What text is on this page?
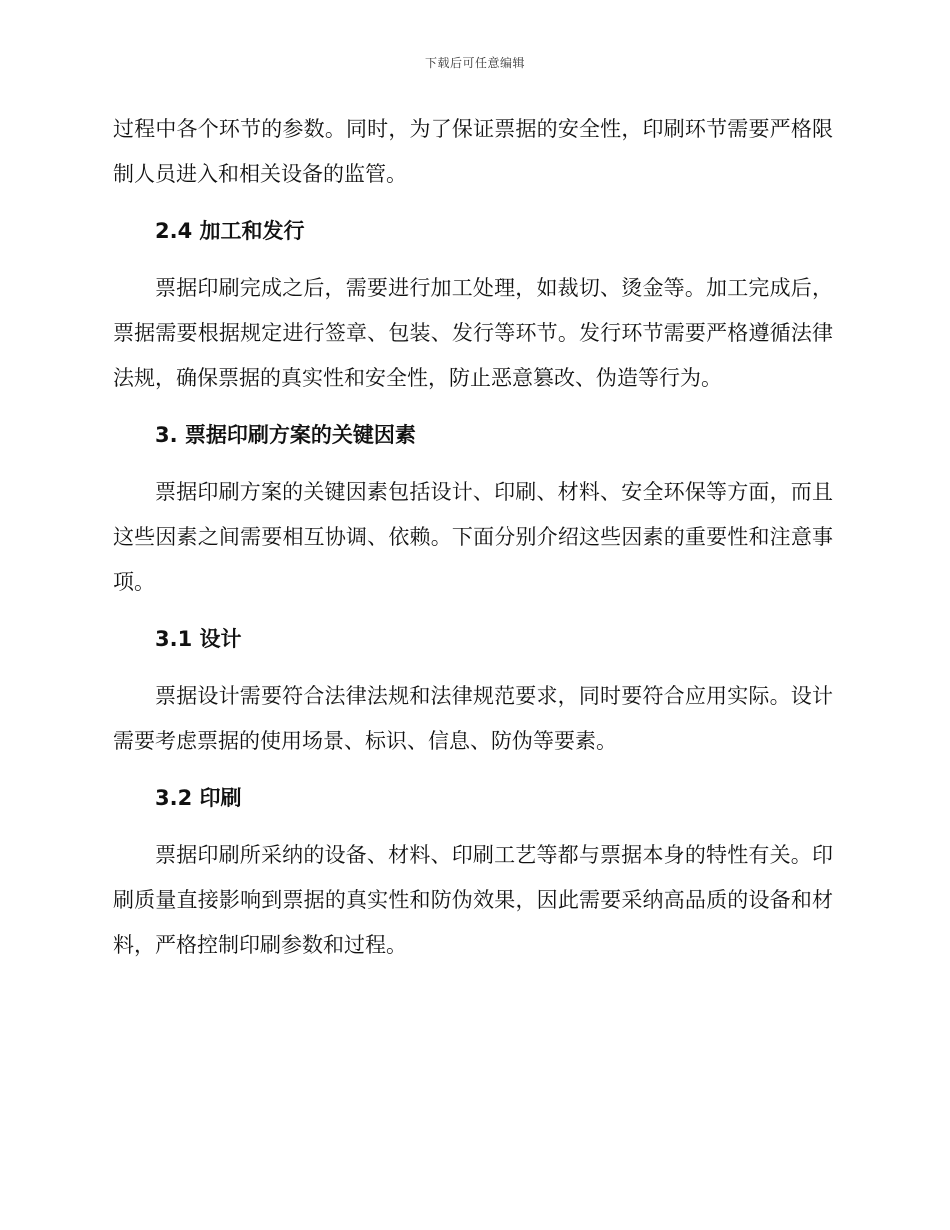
下载后可任意编辑

过程中各个环节的参数。同时，为了保证票据的安全性，印刷环节需要严格限制人员进入和相关设备的监管。

2.4 加工和发行

票据印刷完成之后，需要进行加工处理，如裁切、烫金等。加工完成后，票据需要根据规定进行签章、包装、发行等环节。发行环节需要严格遵循法律法规，确保票据的真实性和安全性，防止恶意篡改、伪造等行为。

3. 票据印刷方案的关键因素

票据印刷方案的关键因素包括设计、印刷、材料、安全环保等方面，而且这些因素之间需要相互协调、依赖。下面分别介绍这些因素的重要性和注意事项。

3.1 设计

票据设计需要符合法律法规和法律规范要求，同时要符合应用实际。设计需要考虑票据的使用场景、标识、信息、防伪等要素。

3.2 印刷

票据印刷所采纳的设备、材料、印刷工艺等都与票据本身的特性有关。印刷质量直接影响到票据的真实性和防伪效果，因此需要采纳高品质的设备和材料，严格控制印刷参数和过程。
